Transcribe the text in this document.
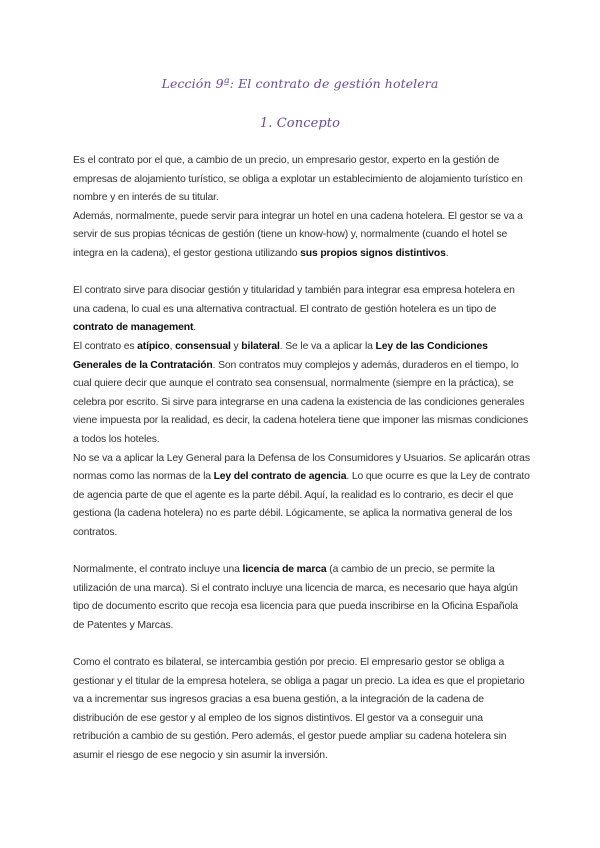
Lección 9ª: El contrato de gestión hotelera
1. Concepto

Es el contrato por el que, a cambio de un precio, un empresario gestor, experto en la gestión de empresas de alojamiento turístico, se obliga a explotar un establecimiento de alojamiento turístico en nombre y en interés de su titular.

Además, normalmente, puede servir para integrar un hotel en una cadena hotelera. El gestor se va a servir de sus propias técnicas de gestión (tiene un know-how) y, normalmente (cuando el hotel se integra en la cadena), el gestor gestiona utilizando sus propios signos distintivos.

El contrato sirve para disociar gestión y titularidad y también para integrar esa empresa hotelera en una cadena, lo cual es una alternativa contractual. El contrato de gestión hotelera es un tipo de contrato de management.

El contrato es atípico, consensual y bilateral. Se le va a aplicar la Ley de las Condiciones Generales de la Contratación. Son contratos muy complejos y además, duraderos en el tiempo, lo cual quiere decir que aunque el contrato sea consensual, normalmente (siempre en la práctica), se celebra por escrito. Si sirve para integrarse en una cadena la existencia de las condiciones generales viene impuesta por la realidad, es decir, la cadena hotelera tiene que imponer las mismas condiciones a todos los hoteles.

No se va a aplicar la Ley General para la Defensa de los Consumidores y Usuarios. Se aplicarán otras normas como las normas de la Ley del contrato de agencia. Lo que ocurre es que la Ley de contrato de agencia parte de que el agente es la parte débil. Aquí, la realidad es lo contrario, es decir el que gestiona (la cadena hotelera) no es parte débil. Lógicamente, se aplica la normativa general de los contratos.

Normalmente, el contrato incluye una licencia de marca (a cambio de un precio, se permite la utilización de una marca). Si el contrato incluye una licencia de marca, es necesario que haya algún tipo de documento escrito que recoja esa licencia para que pueda inscribirse en la Oficina Española de Patentes y Marcas.

Como el contrato es bilateral, se intercambia gestión por precio. El empresario gestor se obliga a gestionar y el titular de la empresa hotelera, se obliga a pagar un precio. La idea es que el propietario va a incrementar sus ingresos gracias a esa buena gestión, a la integración de la cadena de distribución de ese gestor y al empleo de los signos distintivos. El gestor va a conseguir una retribución a cambio de su gestión. Pero además, el gestor puede ampliar su cadena hotelera sin asumir el riesgo de ese negocio y sin asumir la inversión.
